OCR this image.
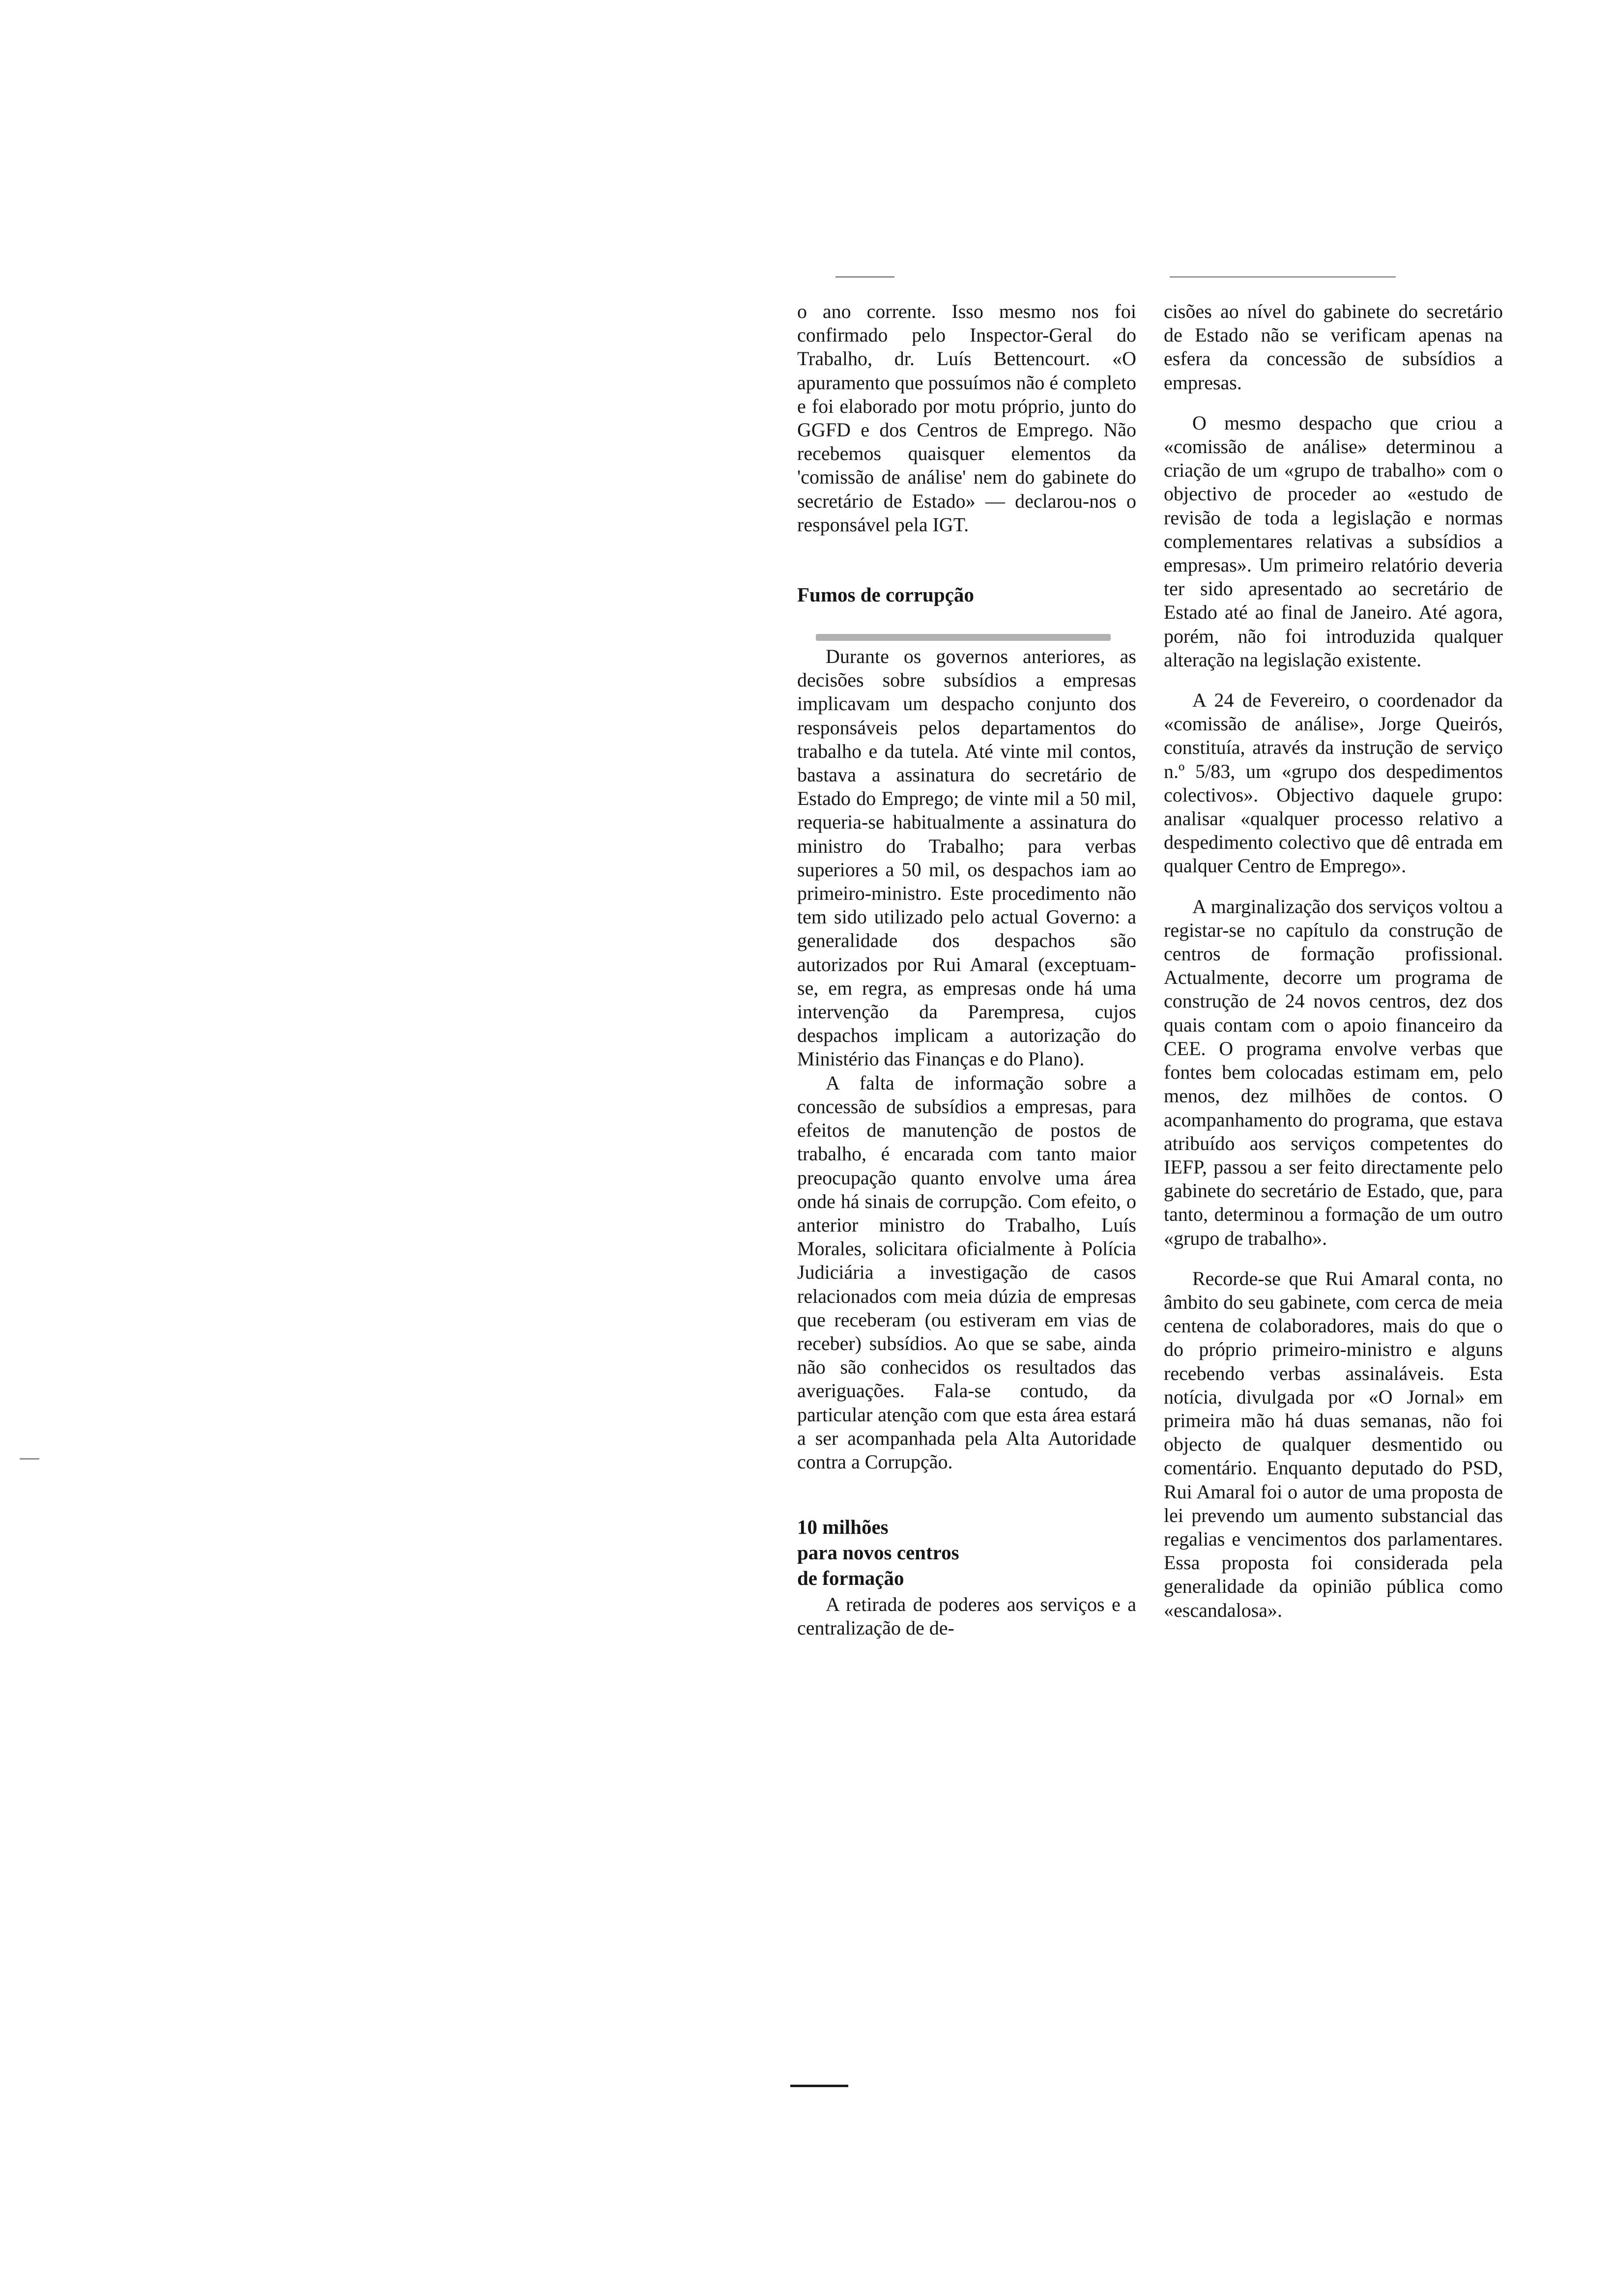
o ano corrente. Isso mesmo nos foi confirmado pelo Inspector-Geral do Trabalho, dr. Luís Bettencourt. «O apuramento que possuímos não é completo e foi elaborado por motu próprio, junto do GGFD e dos Centros de Emprego. Não recebemos quaisquer elementos da 'comissão de análise' nem do gabinete do secretário de Estado» — declarou-nos o responsável pela IGT.

Fumos de corrupção

Durante os governos anteriores, as decisões sobre subsídios a empresas implicavam um despacho conjunto dos responsáveis pelos departamentos do trabalho e da tutela. Até vinte mil contos, bastava a assinatura do secretário de Estado do Emprego; de vinte mil a 50 mil, requeria-se habitualmente a assinatura do ministro do Trabalho; para verbas superiores a 50 mil, os despachos iam ao primeiro-ministro. Este procedimento não tem sido utilizado pelo actual Governo: a generalidade dos despachos são autorizados por Rui Amaral (exceptuam-se, em regra, as empresas onde há uma intervenção da Parempresa, cujos despachos implicam a autorização do Ministério das Finanças e do Plano).

A falta de informação sobre a concessão de subsídios a empresas, para efeitos de manutenção de postos de trabalho, é encarada com tanto maior preocupação quanto envolve uma área onde há sinais de corrupção. Com efeito, o anterior ministro do Trabalho, Luís Morales, solicitara oficialmente à Polícia Judiciária a investigação de casos relacionados com meia dúzia de empresas que receberam (ou estiveram em vias de receber) subsídios. Ao que se sabe, ainda não são conhecidos os resultados das averiguações. Fala-se contudo, da particular atenção com que esta área estará a ser acompanhada pela Alta Autoridade contra a Corrupção.

10 milhões
para novos centros
de formação

A retirada de poderes aos serviços e a centralização de de-

cisões ao nível do gabinete do secretário de Estado não se verificam apenas na esfera da concessão de subsídios a empresas.

O mesmo despacho que criou a «comissão de análise» determinou a criação de um «grupo de trabalho» com o objectivo de proceder ao «estudo de revisão de toda a legislação e normas complementares relativas a subsídios a empresas». Um primeiro relatório deveria ter sido apresentado ao secretário de Estado até ao final de Janeiro. Até agora, porém, não foi introduzida qualquer alteração na legislação existente.

A 24 de Fevereiro, o coordenador da «comissão de análise», Jorge Queirós, constituía, através da instrução de serviço n.º 5/83, um «grupo dos despedimentos colectivos». Objectivo daquele grupo: analisar «qualquer processo relativo a despedimento colectivo que dê entrada em qualquer Centro de Emprego».

A marginalização dos serviços voltou a registar-se no capítulo da construção de centros de formação profissional. Actualmente, decorre um programa de construção de 24 novos centros, dez dos quais contam com o apoio financeiro da CEE. O programa envolve verbas que fontes bem colocadas estimam em, pelo menos, dez milhões de contos. O acompanhamento do programa, que estava atribuído aos serviços competentes do IEFP, passou a ser feito directamente pelo gabinete do secretário de Estado, que, para tanto, determinou a formação de um outro «grupo de trabalho».

Recorde-se que Rui Amaral conta, no âmbito do seu gabinete, com cerca de meia centena de colaboradores, mais do que o do próprio primeiro-ministro e alguns recebendo verbas assinaláveis. Esta notícia, divulgada por «O Jornal» em primeira mão há duas semanas, não foi objecto de qualquer desmentido ou comentário. Enquanto deputado do PSD, Rui Amaral foi o autor de uma proposta de lei prevendo um aumento substancial das regalias e vencimentos dos parlamentares. Essa proposta foi considerada pela generalidade da opinião pública como «escandalosa».
